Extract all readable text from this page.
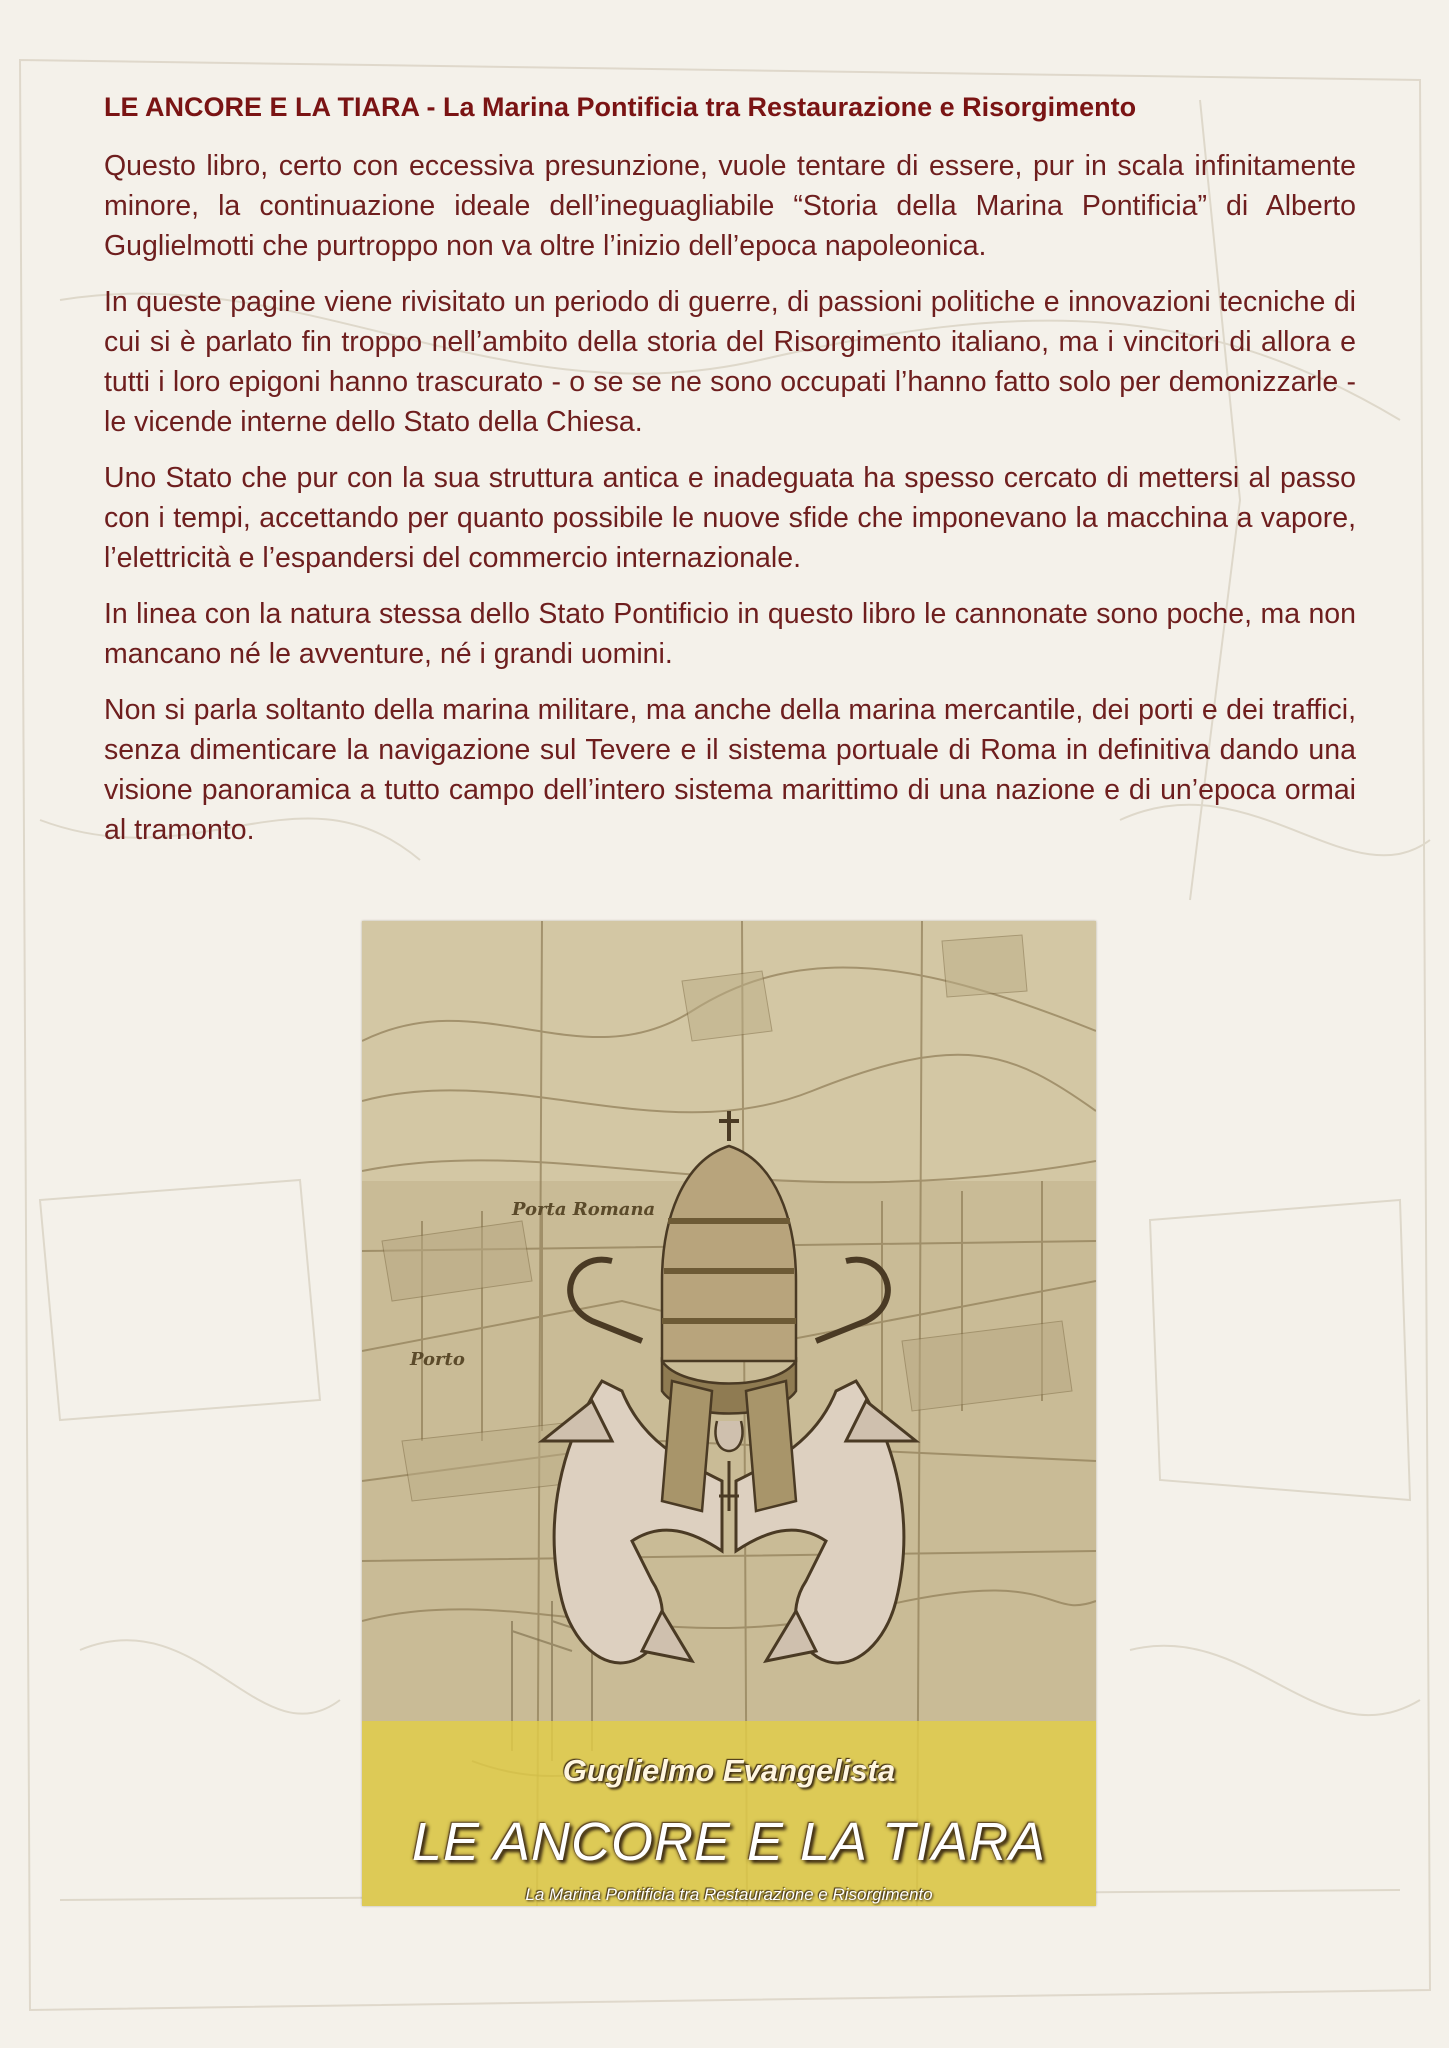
LE ANCORE E LA TIARA - La Marina Pontificia tra Restaurazione e Risorgimento

Questo libro, certo con eccessiva presunzione, vuole tentare di essere, pur in scala infinitamente minore, la continuazione ideale dell’ineguagliabile “Storia della Marina Pontificia” di Alberto Guglielmotti che purtroppo non va oltre l’inizio dell’epoca napoleonica.

In queste pagine viene rivisitato un periodo di guerre, di passioni politiche e innovazioni tecniche di cui si è parlato fin troppo nell’ambito della storia del Risorgimento italiano, ma i vincitori di allora e tutti i loro epigoni hanno trascurato - o se se ne sono occupati l’hanno fatto solo per demonizzarle - le vicende interne dello Stato della Chiesa.

Uno Stato che pur con la sua struttura antica e inadeguata ha spesso cercato di mettersi al passo con i tempi, accettando per quanto possibile le nuove sfide che imponevano la macchina a vapore, l’elettricità e l’espandersi del commercio internazionale.

In linea con la natura stessa dello Stato Pontificio in questo libro le cannonate sono poche, ma non mancano né le avventure, né i grandi uomini.

Non si parla soltanto della marina militare, ma anche della marina mercantile, dei porti e dei traffici, senza dimenticare la navigazione sul Tevere e il sistema portuale di Roma in definitiva dando una visione panoramica a tutto campo dell’intero sistema marittimo di una nazione e di un’epoca ormai al tramonto.

Porta Romana
Porto
Guglielmo Evangelista
LE ANCORE E LA TIARA
La Marina Pontificia tra Restaurazione e Risorgimento
